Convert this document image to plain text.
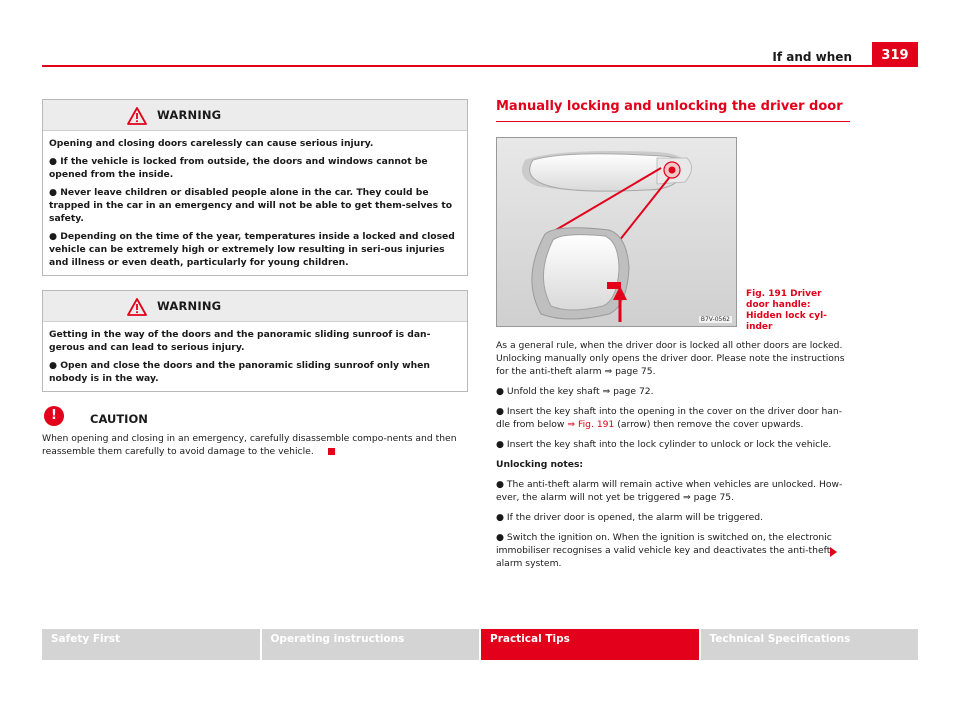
If and when	319
WARNING

Opening and closing doors carelessly can cause serious injury.

● If the vehicle is locked from outside, the doors and windows cannot be opened from the inside.

● Never leave children or disabled people alone in the car. They could be trapped in the car in an emergency and will not be able to get them-selves to safety.

● Depending on the time of the year, temperatures inside a locked and closed vehicle can be extremely high or extremely low resulting in seri-ous injuries and illness or even death, particularly for young children.

WARNING

Getting in the way of the doors and the panoramic sliding sunroof is dan-gerous and can lead to serious injury.

● Open and close the doors and the panoramic sliding sunroof only when nobody is in the way.

!	CAUTION
When opening and closing in an emergency, carefully disassemble compo-nents and then reassemble them carefully to avoid damage to the vehicle.
Manually locking and unlocking the driver door
B7V-0562
Fig. 191 Driver door handle: Hidden lock cyl-inder

As a general rule, when the driver door is locked all other doors are locked. Unlocking manually only opens the driver door. Please note the instructions for the anti-theft alarm ⇒ page 75.

● Unfold the key shaft ⇒ page 72.

● Insert the key shaft into the opening in the cover on the driver door han-dle from below ⇒ Fig. 191 (arrow) then remove the cover upwards.

● Insert the key shaft into the lock cylinder to unlock or lock the vehicle.

Unlocking notes:

● The anti-theft alarm will remain active when vehicles are unlocked. How-ever, the alarm will not yet be triggered ⇒ page 75.

● If the driver door is opened, the alarm will be triggered.

● Switch the ignition on. When the ignition is switched on, the electronic immobiliser recognises a valid vehicle key and deactivates the anti-theft alarm system.

Safety First	Operating instructions	Practical Tips	Technical Specifications
